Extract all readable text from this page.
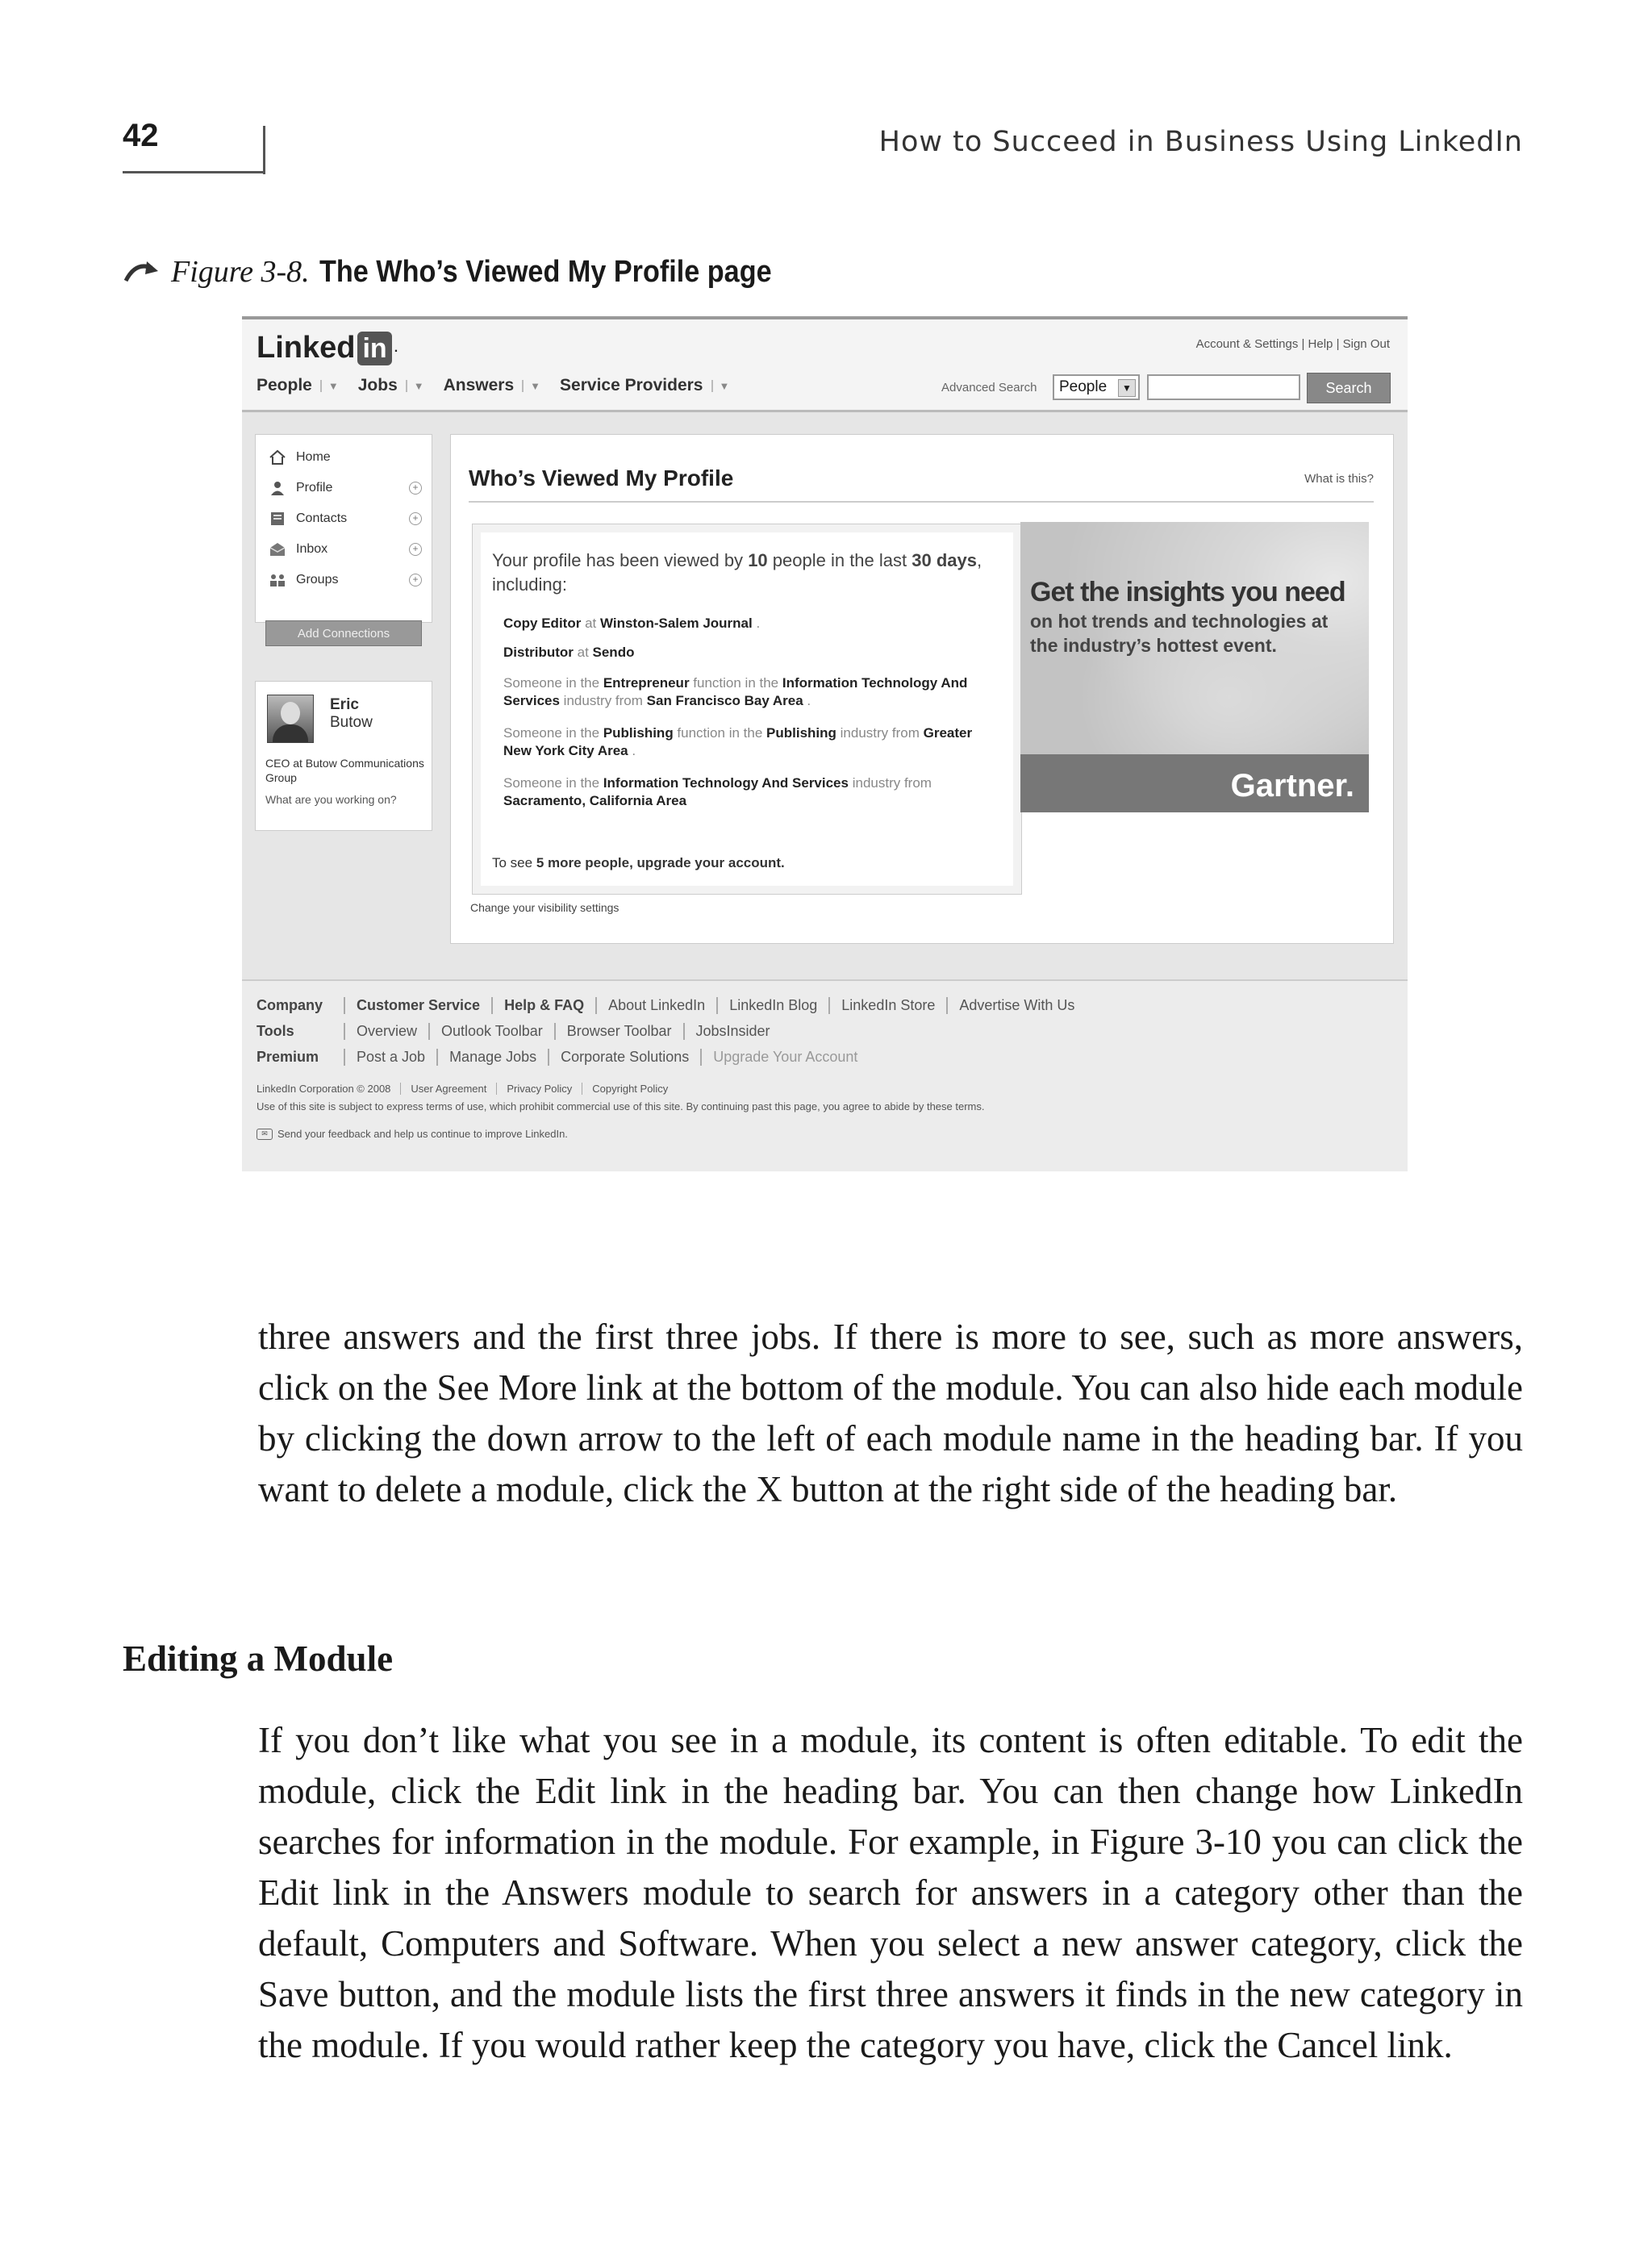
42	How to Succeed in Business Using LinkedIn
Figure 3-8. The Who’s Viewed My Profile page
Linked in .	Account & Settings | Help | Sign Out
People	▼ Jobs	▼ Answers	▼ Service Providers	▼	Advanced Search People	▼	Search
Home
Profile	+
Contacts	+
Inbox	+
Groups	+
Add Connections
Eric
Butow
CEO at Butow Communications Group
What are you working on?
Who’s Viewed My Profile	What is this?
Your profile has been viewed by 10 people in the last 30 days, including:
Copy Editor at Winston-Salem Journal .
Distributor at Sendo
Someone in the Entrepreneur function in the Information Technology And Services industry from San Francisco Bay Area .
Someone in the Publishing function in the Publishing industry from Greater New York City Area .
Someone in the Information Technology And Services industry from Sacramento, California Area
To see 5 more people, upgrade your account.
Change your visibility settings
Get the insights you need
on hot trends and technologies at the industry’s hottest event.
Gartner.
Company	Customer Service	Help & FAQ	About LinkedIn	LinkedIn Blog	LinkedIn Store	Advertise With Us
Tools	Overview	Outlook Toolbar	Browser Toolbar	JobsInsider
Premium	Post a Job	Manage Jobs	Corporate Solutions	Upgrade Your Account
LinkedIn Corporation © 2008	User Agreement	Privacy Policy	Copyright Policy
Use of this site is subject to express terms of use, which prohibit commercial use of this site. By continuing past this page, you agree to abide by these terms.
✉ Send your feedback and help us continue to improve LinkedIn.
three answers and the first three jobs. If there is more to see, such as more answers, click on the See More link at the bottom of the module. You can also hide each module by clicking the down arrow to the left of each module name in the heading bar. If you want to delete a module, click the X button at the right side of the heading bar.
Editing a Module
If you don’t like what you see in a module, its content is often editable. To edit the module, click the Edit link in the heading bar. You can then change how LinkedIn searches for information in the module. For example, in Figure 3-10 you can click the Edit link in the Answers module to search for answers in a category other than the default, Computers and Software. When you select a new answer category, click the Save button, and the module lists the first three answers it finds in the new category in the module. If you would rather keep the category you have, click the Cancel link.
